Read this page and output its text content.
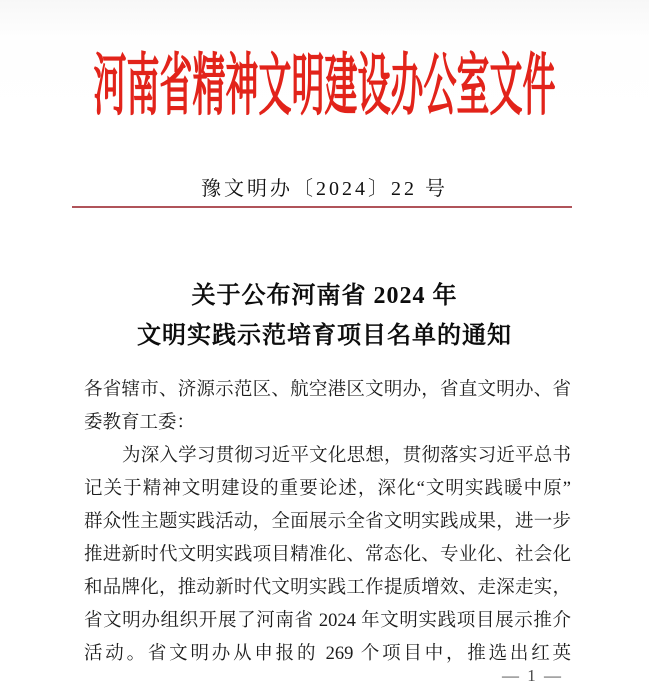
河南省精神文明建设办公室文件
豫文明办〔2024〕22 号
关于公布河南省 2024 年
文明实践示范培育项目名单的通知
各省辖市、济源示范区、航空港区文明办，省直文明办、省
委教育工委：
为深入学习贯彻习近平文化思想，贯彻落实习近平总书
记关于精神文明建设的重要论述，深化“文明实践暖中原”
群众性主题实践活动，全面展示全省文明实践成果，进一步
推进新时代文明实践项目精准化、常态化、专业化、社会化
和品牌化，推动新时代文明实践工作提质增效、走深走实，
省文明办组织开展了河南省 2024 年文明实践项目展示推介
活动。省文明办从申报的 269 个项目中，推选出红英
— 1 —
